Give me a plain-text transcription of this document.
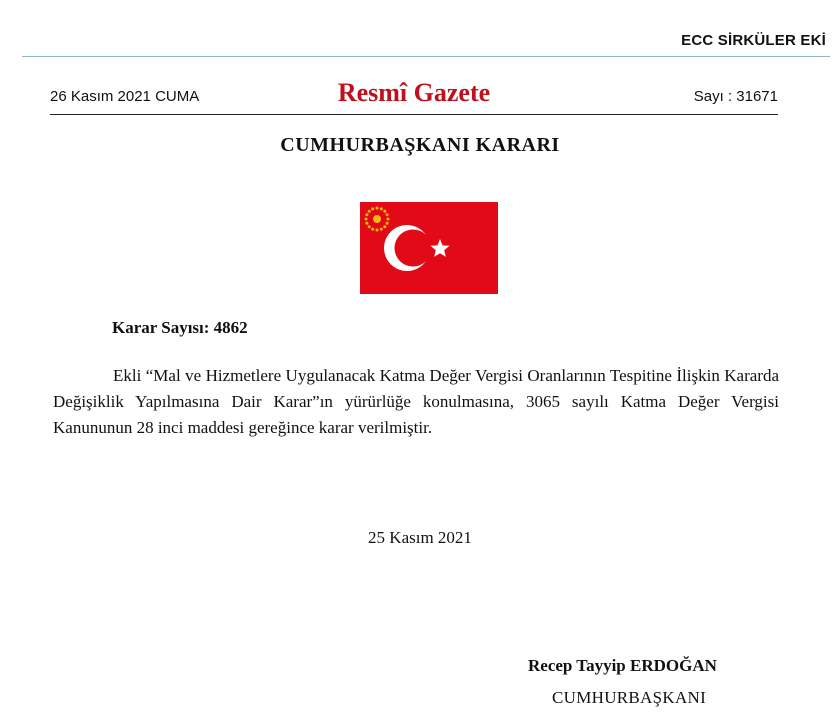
ECC SİRKÜLER EKİ
26 Kasım 2021 CUMA	Resmî Gazete	Sayı : 31671
CUMHURBAŞKANI KARARI
Karar Sayısı: 4862

Ekli “Mal ve Hizmetlere Uygulanacak Katma Değer Vergisi Oranlarının Tespitine İlişkin Kararda Değişiklik Yapılmasına Dair Karar”ın yürürlüğe konulmasına, 3065 sayılı Katma Değer Vergisi Kanununun 28 inci maddesi gereğince karar verilmiştir.

25 Kasım 2021
Recep Tayyip ERDOĞAN
CUMHURBAŞKANI
